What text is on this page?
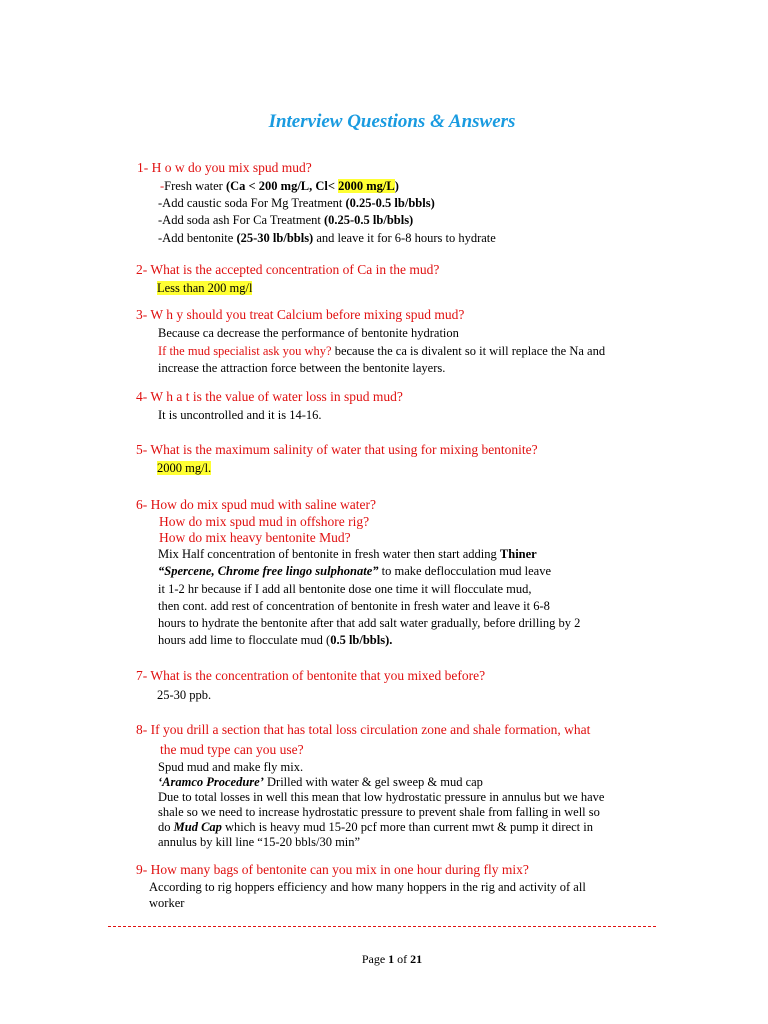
Interview Questions & Answers
1- H o w do you mix spud mud?
-Fresh water (Ca < 200 mg/L, Cl< 2000 mg/L)
-Add caustic soda For Mg Treatment (0.25-0.5 lb/bbls)
-Add soda ash For Ca Treatment (0.25-0.5 lb/bbls)
-Add bentonite (25-30 lb/bbls) and leave it for 6-8 hours to hydrate
2- What is the accepted concentration of Ca in the mud?
Less than 200 mg/l
3- W h y should you treat Calcium before mixing spud mud?
Because ca decrease the performance of bentonite hydration
If the mud specialist ask you why? because the ca is divalent so it will replace the Na and
increase the attraction force between the bentonite layers.
4- W h a t is the value of water loss in spud mud?
It is uncontrolled and it is 14-16.
5- What is the maximum salinity of water that using for mixing bentonite?
2000 mg/l.
6- How do mix spud mud with saline water?
How do mix spud mud in offshore rig?
How do mix heavy bentonite Mud?
Mix Half concentration of bentonite in fresh water then start adding Thiner
“Spercene, Chrome free lingo sulphonate” to make deflocculation mud leave
it 1-2 hr because if I add all bentonite dose one time it will flocculate mud,
then cont. add rest of concentration of bentonite in fresh water and leave it 6-8
hours to hydrate the bentonite after that add salt water gradually, before drilling by 2
hours add lime to flocculate mud (0.5 lb/bbls).
7- What is the concentration of bentonite that you mixed before?
25-30 ppb.
8- If you drill a section that has total loss circulation zone and shale formation, what
the mud type can you use?
Spud mud and make fly mix.
‘Aramco Procedure’ Drilled with water & gel sweep & mud cap
Due to total losses in well this mean that low hydrostatic pressure in annulus but we have
shale so we need to increase hydrostatic pressure to prevent shale from falling in well so
do Mud Cap which is heavy mud 15-20 pcf more than current mwt & pump it direct in
annulus by kill line “15-20 bbls/30 min”
9- How many bags of bentonite can you mix in one hour during fly mix?
According to rig hoppers efficiency and how many hoppers in the rig and activity of all
worker
Page 1 of 21
